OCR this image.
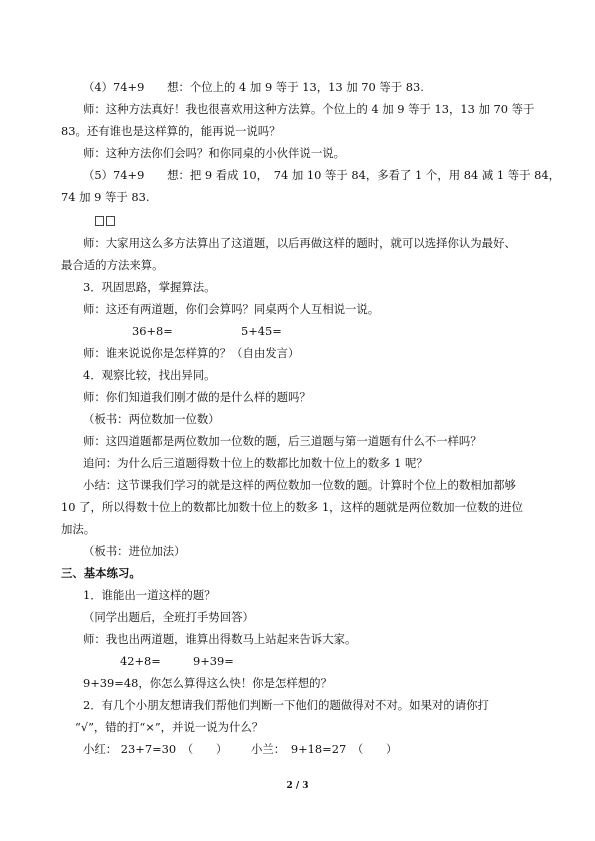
（4）74+9　　想：个位上的 4 加 9 等于 13，13 加 70 等于 83.
师：这种方法真好！我也很喜欢用这种方法算。个位上的 4 加 9 等于 13，13 加 70 等于
83。还有谁也是这样算的，能再说一说吗？
师：这种方法你们会吗？和你同桌的小伙伴说一说。
（5）74+9　　想：把 9 看成 10，　74 加 10 等于 84，多看了 1 个，用 84 减 1 等于 84，
74 加 9 等于 83.
师：大家用这么多方法算出了这道题，以后再做这样的题时，就可以选择你认为最好、
最合适的方法来算。
3．巩固思路，掌握算法。
师：这还有两道题，你们会算吗？同桌两个人互相说一说。
36+8=	5+45=
师：谁来说说你是怎样算的？（自由发言）
4．观察比较，找出异同。
师：你们知道我们刚才做的是什么样的题吗？
（板书：两位数加一位数）
师：这四道题都是两位数加一位数的题，后三道题与第一道题有什么不一样吗？
追问：为什么后三道题得数十位上的数都比加数十位上的数多 1 呢？
小结：这节课我们学习的就是这样的两位数加一位数的题。计算时个位上的数相加都够
10 了，所以得数十位上的数都比加数十位上的数多 1，这样的题就是两位数加一位数的进位
加法。
（板书：进位加法）
三、基本练习。
1．谁能出一道这样的题？
（同学出题后，全班打手势回答）
师：我也出两道题，谁算出得数马上站起来告诉大家。
42+8=	9+39=
9+39=48，你怎么算得这么快！你是怎样想的？
2．有几个小朋友想请我们帮他们判断一下他们的题做得对不对。如果对的请你打
“√”，错的打“×”，并说一说为什么？
小红： 23+7=30　（　　） 小兰：　9+18=27　（　　）
2 / 3
